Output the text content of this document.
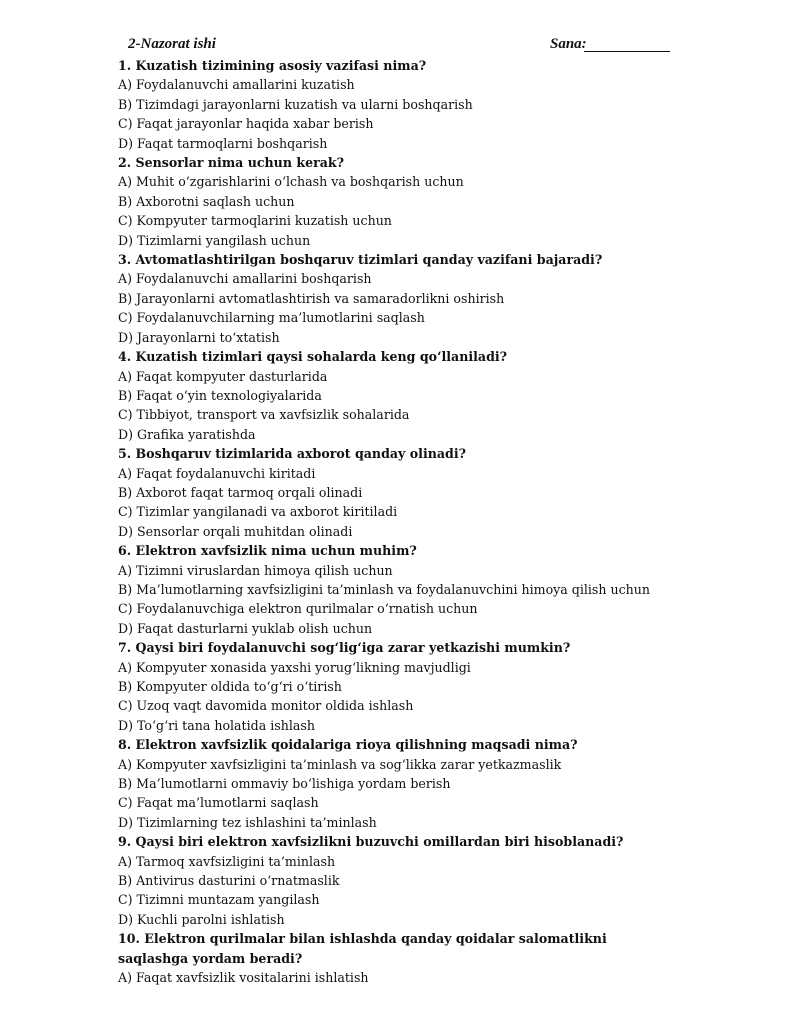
2-Nazorat ishi	Sana:

1. Kuzatish tizimining asosiy vazifasi nima?

A) Foydalanuvchi amallarini kuzatish

B) Tizimdagi jarayonlarni kuzatish va ularni boshqarish

C) Faqat jarayonlar haqida xabar berish

D) Faqat tarmoqlarni boshqarish

2. Sensorlar nima uchun kerak?

A) Muhit o‘zgarishlarini o‘lchash va boshqarish uchun

B) Axborotni saqlash uchun

C) Kompyuter tarmoqlarini kuzatish uchun

D) Tizimlarni yangilash uchun

3. Avtomatlashtirilgan boshqaruv tizimlari qanday vazifani bajaradi?

A) Foydalanuvchi amallarini boshqarish

B) Jarayonlarni avtomatlashtirish va samaradorlikni oshirish

C) Foydalanuvchilarning ma’lumotlarini saqlash

D) Jarayonlarni to‘xtatish

4. Kuzatish tizimlari qaysi sohalarda keng qo‘llaniladi?

A) Faqat kompyuter dasturlarida

B) Faqat o‘yin texnologiyalarida

C) Tibbiyot, transport va xavfsizlik sohalarida

D) Grafika yaratishda

5. Boshqaruv tizimlarida axborot qanday olinadi?

A) Faqat foydalanuvchi kiritadi

B) Axborot faqat tarmoq orqali olinadi

C) Tizimlar yangilanadi va axborot kiritiladi

D) Sensorlar orqali muhitdan olinadi

6. Elektron xavfsizlik nima uchun muhim?

A) Tizimni viruslardan himoya qilish uchun

B) Ma’lumotlarning xavfsizligini ta’minlash va foydalanuvchini himoya qilish uchun

C) Foydalanuvchiga elektron qurilmalar o‘rnatish uchun

D) Faqat dasturlarni yuklab olish uchun

7. Qaysi biri foydalanuvchi sog‘lig‘iga zarar yetkazishi mumkin?

A) Kompyuter xonasida yaxshi yorug‘likning mavjudligi

B) Kompyuter oldida to‘g‘ri o‘tirish

C) Uzoq vaqt davomida monitor oldida ishlash

D) To‘g‘ri tana holatida ishlash

8. Elektron xavfsizlik qoidalariga rioya qilishning maqsadi nima?

A) Kompyuter xavfsizligini ta’minlash va sog‘likka zarar yetkazmaslik

B) Ma’lumotlarni ommaviy bo‘lishiga yordam berish

C) Faqat ma’lumotlarni saqlash

D) Tizimlarning tez ishlashini ta’minlash

9. Qaysi biri elektron xavfsizlikni buzuvchi omillardan biri hisoblanadi?

A) Tarmoq xavfsizligini ta’minlash

B) Antivirus dasturini o‘rnatmaslik

C) Tizimni muntazam yangilash

D) Kuchli parolni ishlatish

10. Elektron qurilmalar bilan ishlashda qanday qoidalar salomatlikni saqlashga yordam beradi?

A) Faqat xavfsizlik vositalarini ishlatish
